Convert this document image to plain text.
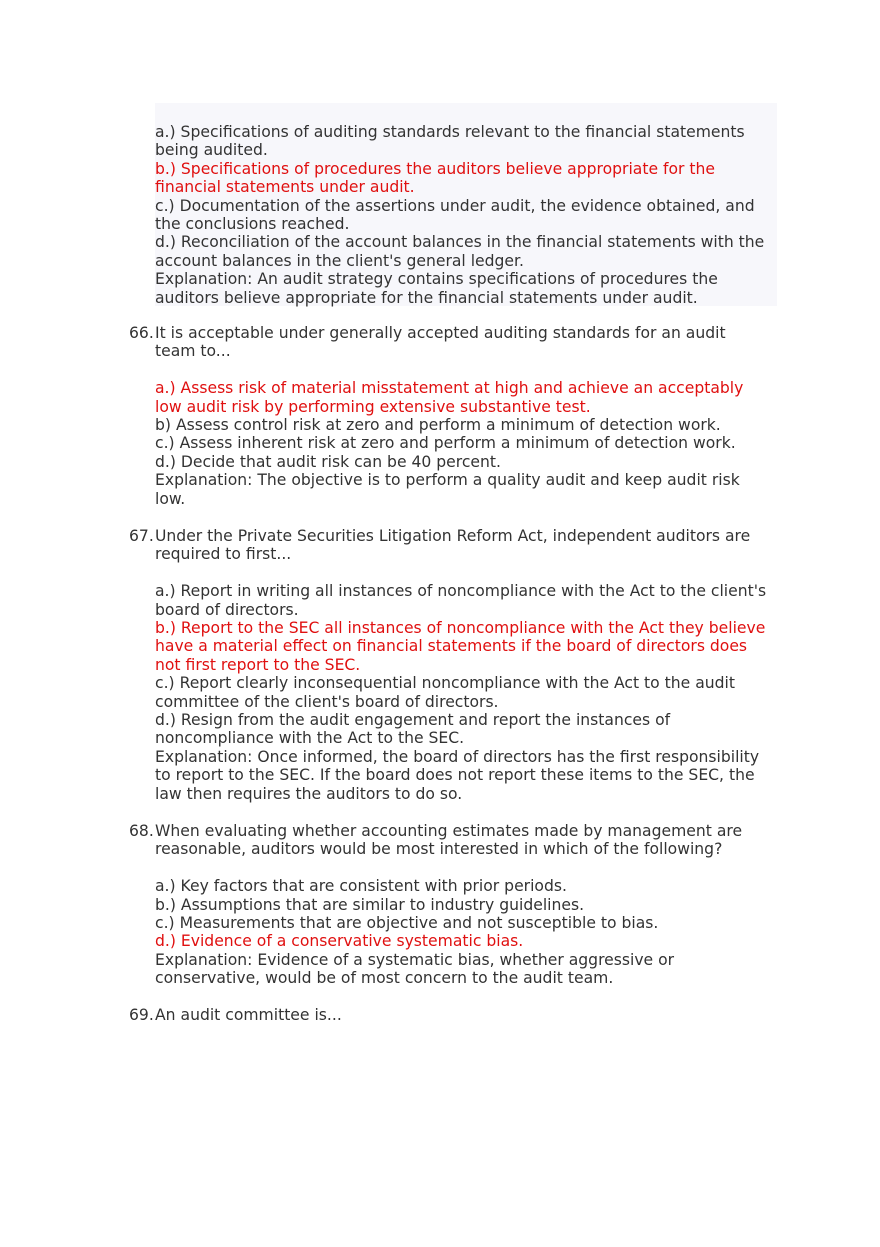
a.) Specifications of auditing standards relevant to the financial statements
being audited.
b.) Specifications of procedures the auditors believe appropriate for the
financial statements under audit.
c.) Documentation of the assertions under audit, the evidence obtained, and
the conclusions reached.
d.) Reconciliation of the account balances in the financial statements with the
account balances in the client's general ledger.
Explanation: An audit strategy contains specifications of procedures the
auditors believe appropriate for the financial statements under audit.
66. It is acceptable under generally accepted auditing standards for an audit
team to...
a.) Assess risk of material misstatement at high and achieve an acceptably
low audit risk by performing extensive substantive test.
b) Assess control risk at zero and perform a minimum of detection work.
c.) Assess inherent risk at zero and perform a minimum of detection work.
d.) Decide that audit risk can be 40 percent.
Explanation: The objective is to perform a quality audit and keep audit risk
low.
67. Under the Private Securities Litigation Reform Act, independent auditors are
required to first...
a.) Report in writing all instances of noncompliance with the Act to the client's
board of directors.
b.) Report to the SEC all instances of noncompliance with the Act they believe
have a material effect on financial statements if the board of directors does
not first report to the SEC.
c.) Report clearly inconsequential noncompliance with the Act to the audit
committee of the client's board of directors.
d.) Resign from the audit engagement and report the instances of
noncompliance with the Act to the SEC.
Explanation: Once informed, the board of directors has the first responsibility
to report to the SEC. If the board does not report these items to the SEC, the
law then requires the auditors to do so.
68. When evaluating whether accounting estimates made by management are
reasonable, auditors would be most interested in which of the following?
a.) Key factors that are consistent with prior periods.
b.) Assumptions that are similar to industry guidelines.
c.) Measurements that are objective and not susceptible to bias.
d.) Evidence of a conservative systematic bias.
Explanation: Evidence of a systematic bias, whether aggressive or
conservative, would be of most concern to the audit team.
69. An audit committee is...
